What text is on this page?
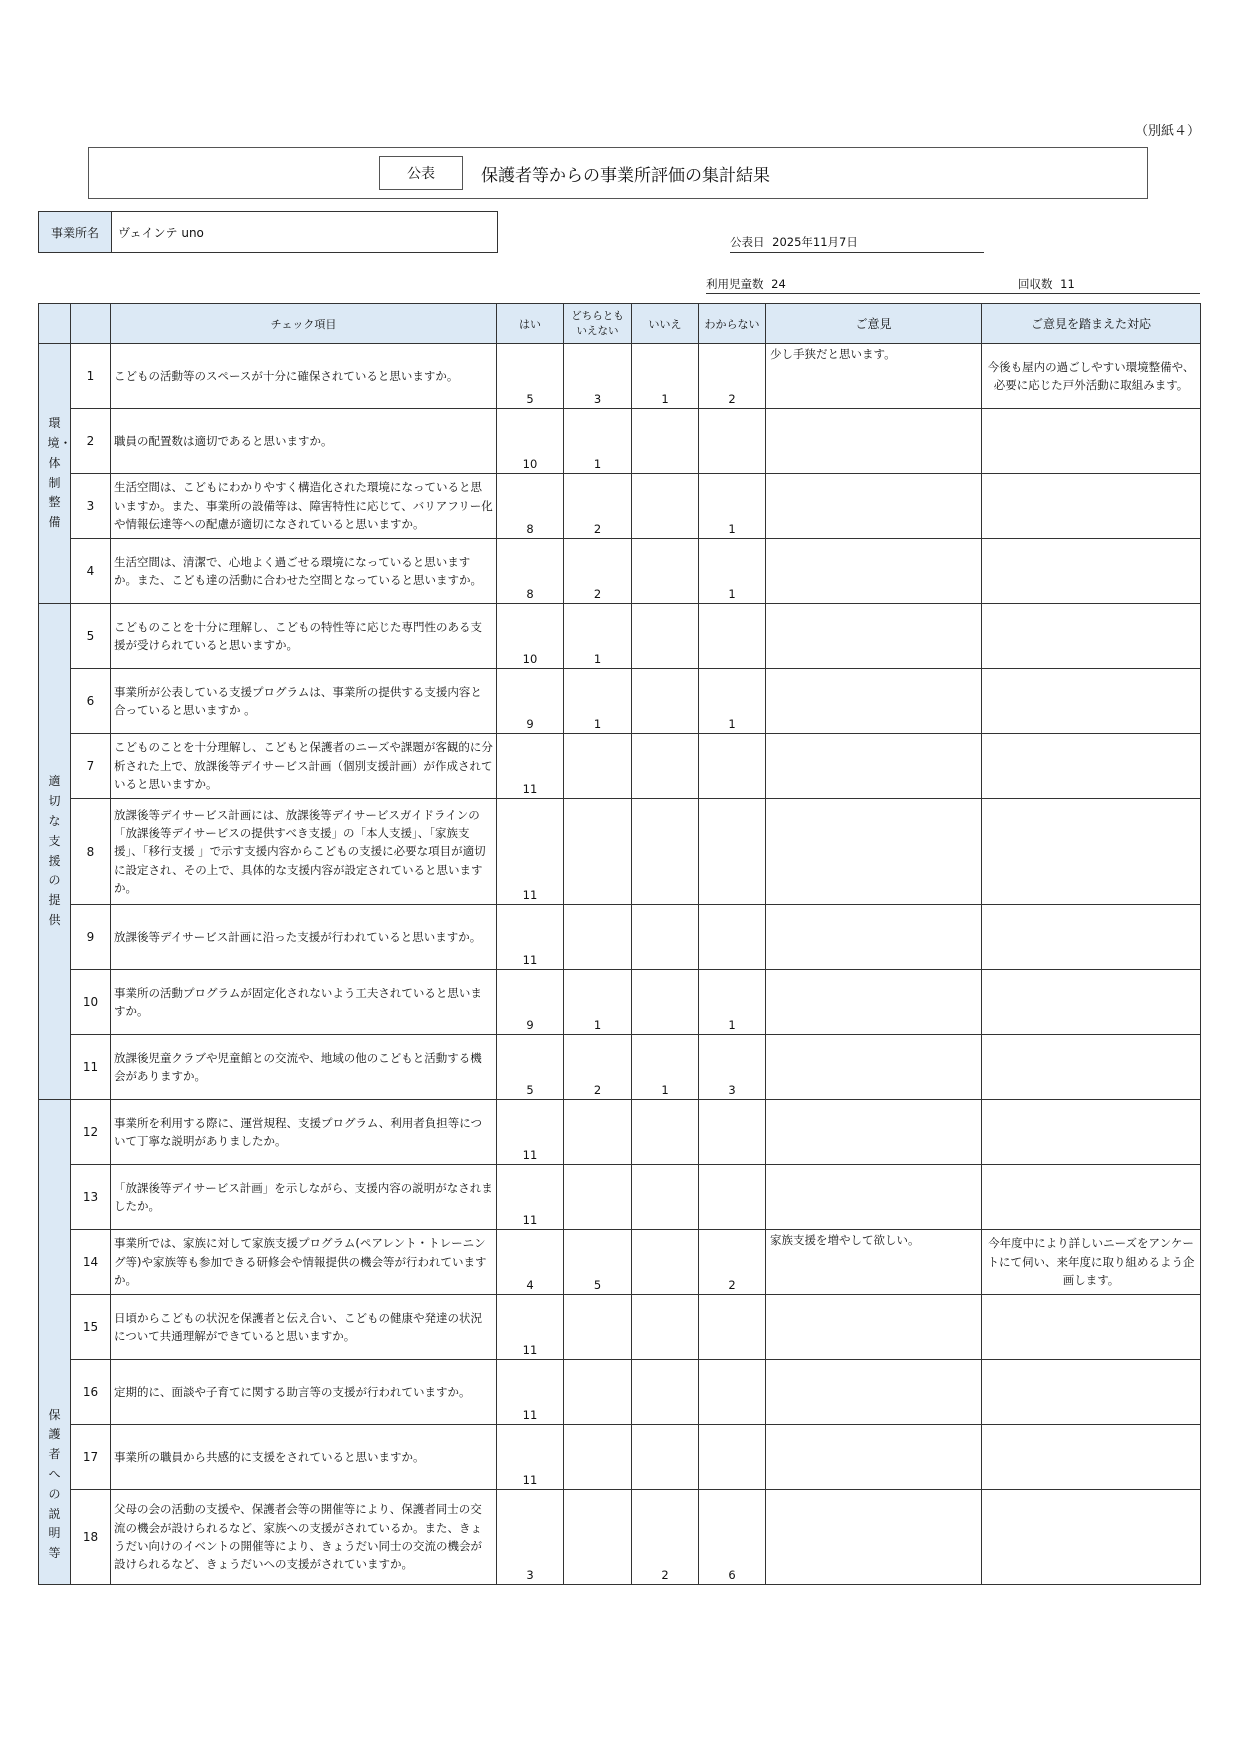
（別紙４）
公表	保護者等からの事業所評価の集計結果
事業所名	ヴェインテ uno
公表日 2025年11月7日
利用児童数 24	回収数 11
		チェック項目	はい	どちらとも いえない	いいえ	わからない	ご意見	ご意見を踏まえた対応
環境・体制整備	1	こどもの活動等のスペースが十分に確保されていると思いますか。	5	3	1	2	少し手狭だと思います。	今後も屋内の過ごしやすい環境整備や、必要に応じた戸外活動に取組みます。
	2	職員の配置数は適切であると思いますか。	10	1				
	3	生活空間は、こどもにわかりやすく構造化された環境になっていると思いますか。また、事業所の設備等は、障害特性に応じて、バリアフリー化や情報伝達等への配慮が適切になされていると思いますか。	8	2		1		
	4	生活空間は、清潔で、心地よく過ごせる環境になっていると思いますか。また、こども達の活動に合わせた空間となっていると思いますか。	8	2		1		
適切な支援の提供	5	こどものことを十分に理解し、こどもの特性等に応じた専門性のある支援が受けられていると思いますか。	10	1				
	6	事業所が公表している支援プログラムは、事業所の提供する支援内容と合っていると思いますか 。	9	1		1		
	7	こどものことを十分理解し、こどもと保護者のニーズや課題が客観的に分析された上で、放課後等デイサービス計画（個別支援計画）が作成されていると思いますか。	11					
	8	放課後等デイサービス計画には、放課後等デイサービスガイドラインの「放課後等デイサービスの提供すべき支援」の「本人支援」、「家族支援」、「移行支援 」で示す支援内容からこどもの支援に必要な項目が適切に設定され、その上で、具体的な支援内容が設定されていると思いますか。	11					
	9	放課後等デイサービス計画に沿った支援が行われていると思いますか。	11					
	10	事業所の活動プログラムが固定化されないよう工夫されていると思いますか。	9	1		1		
	11	放課後児童クラブや児童館との交流や、地域の他のこどもと活動する機会がありますか。	5	2	1	3		
保護者への説明等	12	事業所を利用する際に、運営規程、支援プログラム、利用者負担等について丁寧な説明がありましたか。	11					
	13	「放課後等デイサービス計画」を示しながら、支援内容の説明がなされましたか。	11					
	14	事業所では、家族に対して家族支援プログラム(ペアレント・トレーニング等)や家族等も参加できる研修会や情報提供の機会等が行われていますか。	4	5		2	家族支援を増やして欲しい。	今年度中により詳しいニーズをアンケートにて伺い、来年度に取り組めるよう企画します。
	15	日頃からこどもの状況を保護者と伝え合い、こどもの健康や発達の状況について共通理解ができていると思いますか。	11					
	16	定期的に、面談や子育てに関する助言等の支援が行われていますか。	11					
	17	事業所の職員から共感的に支援をされていると思いますか。	11					
	18	父母の会の活動の支援や、保護者会等の開催等により、保護者同士の交流の機会が設けられるなど、家族への支援がされているか。また、きょうだい向けのイベントの開催等により、きょうだい同士の交流の機会が設けられるなど、きょうだいへの支援がされていますか。	3		2	6		
